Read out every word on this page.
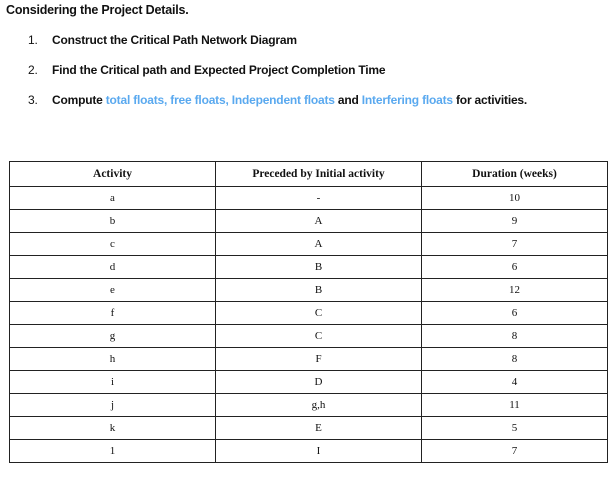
Considering the Project Details.
1. Construct the Critical Path Network Diagram
2. Find the Critical path and Expected Project Completion Time
3. Compute total floats, free floats, Independent floats and Interfering floats for activities.
Activity	Preceded by Initial activity	Duration (weeks)
a	-	10
b	A	9
c	A	7
d	B	6
e	B	12
f	C	6
g	C	8
h	F	8
i	D	4
j	g,h	11
k	E	5
1	I	7
